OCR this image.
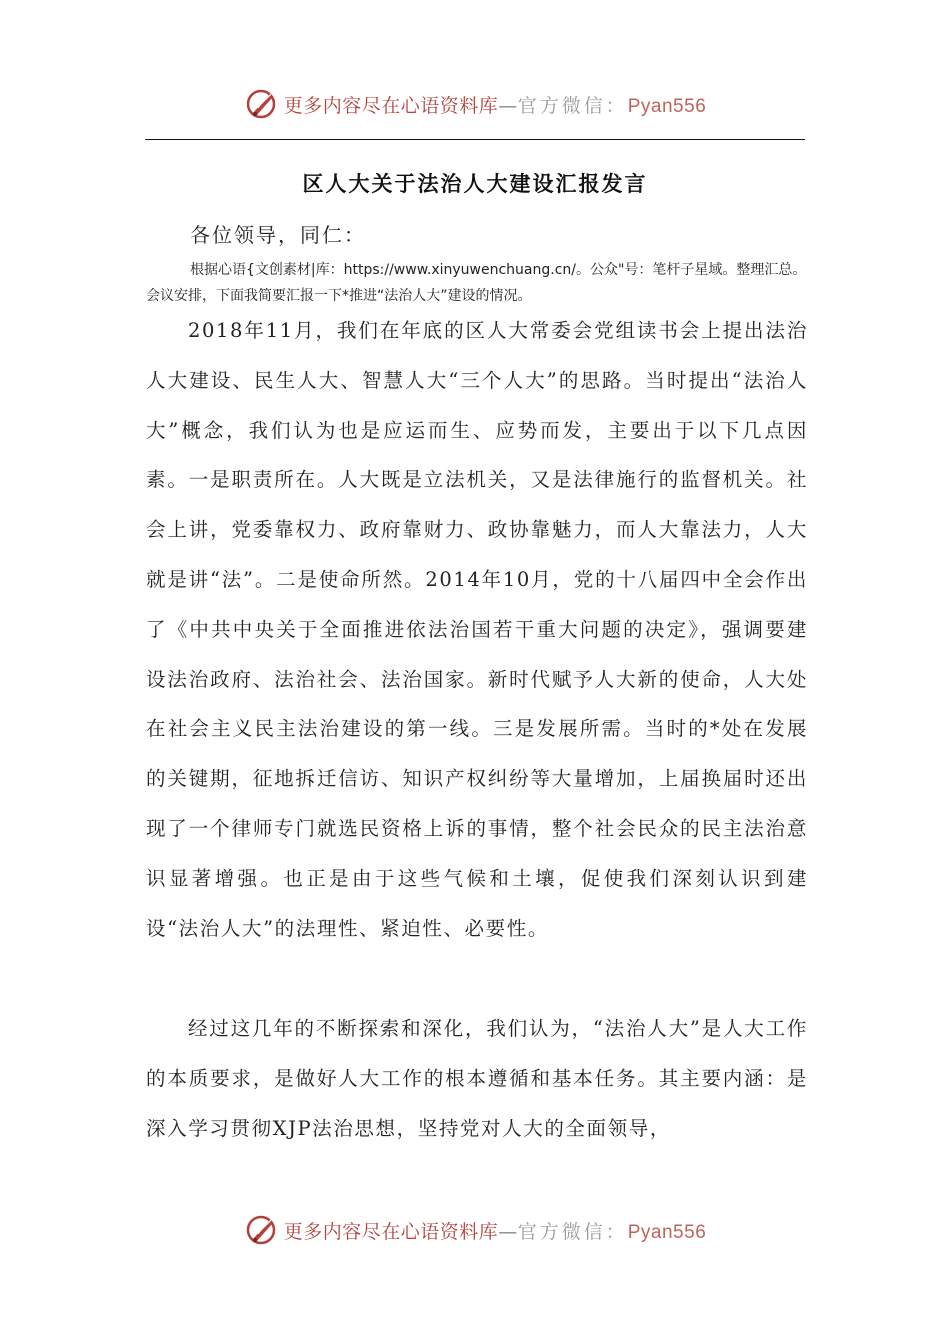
更多内容尽在心语资料库—官方微信：Pyan556
区人大关于法治人大建设汇报发言
各位领导，同仁：
根据心语{文创素材|库：https://www.xinyuwenchuang.cn/。公众"号：笔杆子星域。整理汇总。会议安排，下面我简要汇报一下*推进“法治人大”建设的情况。
2018年11月，我们在年底的区人大常委会党组读书会上提出法治人大建设、民生人大、智慧人大“三个人大”的思路。当时提出“法治人大”概念，我们认为也是应运而生、应势而发，主要出于以下几点因素。一是职责所在。人大既是立法机关，又是法律施行的监督机关。社会上讲，党委靠权力、政府靠财力、政协靠魅力，而人大靠法力，人大就是讲“法”。二是使命所然。2014年10月，党的十八届四中全会作出了《中共中央关于全面推进依法治国若干重大问题的决定》，强调要建设法治政府、法治社会、法治国家。新时代赋予人大新的使命，人大处在社会主义民主法治建设的第一线。三是发展所需。当时的*处在发展的关键期，征地拆迁信访、知识产权纠纷等大量增加，上届换届时还出现了一个律师专门就选民资格上诉的事情，整个社会民众的民主法治意识显著增强。也正是由于这些气候和土壤，促使我们深刻认识到建设“法治人大”的法理性、紧迫性、必要性。
经过这几年的不断探索和深化，我们认为，“法治人大”是人大工作的本质要求，是做好人大工作的根本遵循和基本任务。其主要内涵：是深入学习贯彻XJP法治思想，坚持党对人大的全面领导，
更多内容尽在心语资料库—官方微信：Pyan556
